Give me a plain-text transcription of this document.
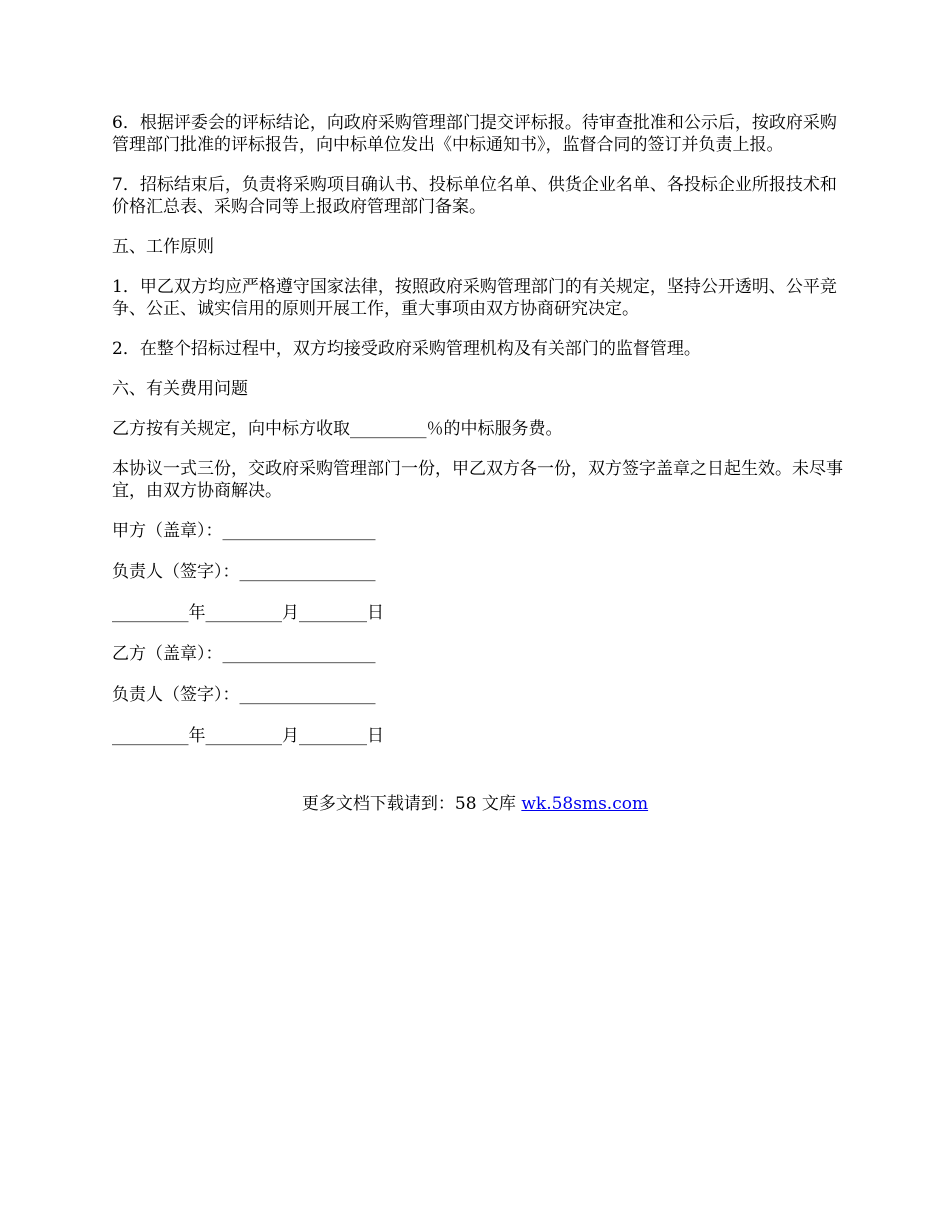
6．根据评委会的评标结论，向政府采购管理部门提交评标报。待审查批准和公示后，按政府采购管理部门批准的评标报告，向中标单位发出《中标通知书》，监督合同的签订并负责上报。

7．招标结束后，负责将采购项目确认书、投标单位名单、供货企业名单、各投标企业所报技术和价格汇总表、采购合同等上报政府管理部门备案。

五、工作原则

1．甲乙双方均应严格遵守国家法律，按照政府采购管理部门的有关规定，坚持公开透明、公平竞争、公正、诚实信用的原则开展工作，重大事项由双方协商研究决定。

2．在整个招标过程中，双方均接受政府采购管理机构及有关部门的监督管理。

六、有关费用问题

乙方按有关规定，向中标方收取_________％的中标服务费。

本协议一式三份，交政府采购管理部门一份，甲乙双方各一份，双方签字盖章之日起生效。未尽事宜，由双方协商解决。

甲方（盖章）：__________________
负责人（签字）：________________
_________年_________月________日
乙方（盖章）：__________________
负责人（签字）：________________
_________年_________月________日
更多文档下载请到：58 文库 wk.58sms.com
